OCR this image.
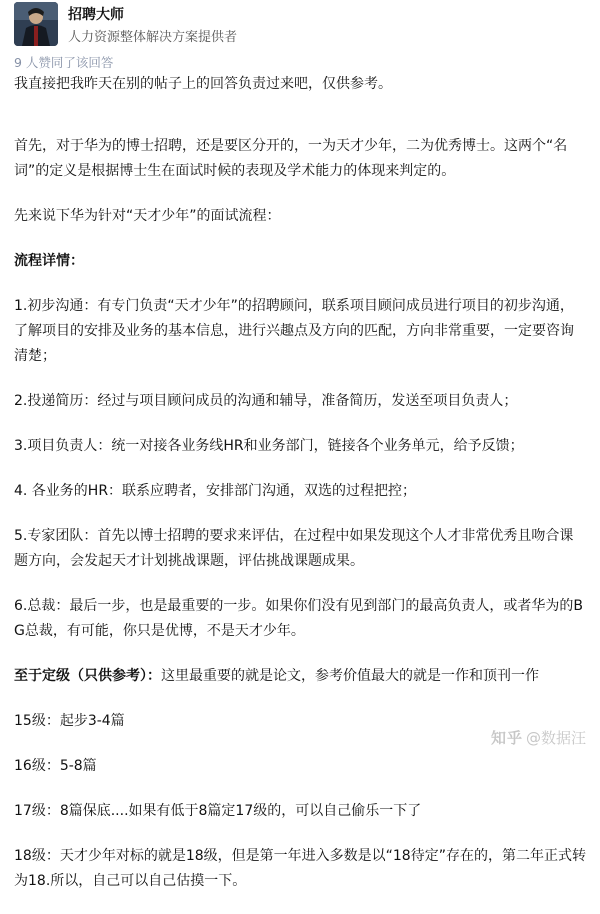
招聘大师
人力资源整体解决方案提供者
9 人赞同了该回答

我直接把我昨天在别的帖子上的回答负责过来吧，仅供参考。

首先，对于华为的博士招聘，还是要区分开的，一为天才少年，二为优秀博士。这两个“名词”的定义是根据博士生在面试时候的表现及学术能力的体现来判定的。

先来说下华为针对“天才少年”的面试流程：

流程详情：

1.初步沟通：有专门负责“天才少年”的招聘顾问，联系项目顾问成员进行项目的初步沟通，了解项目的安排及业务的基本信息，进行兴趣点及方向的匹配，方向非常重要，一定要咨询清楚；

2.投递简历：经过与项目顾问成员的沟通和辅导，准备简历，发送至项目负责人；

3.项目负责人：统一对接各业务线HR和业务部门，链接各个业务单元，给予反馈；

4. 各业务的HR：联系应聘者，安排部门沟通，双选的过程把控；

5.专家团队：首先以博士招聘的要求来评估，在过程中如果发现这个人才非常优秀且吻合课题方向，会发起天才计划挑战课题，评估挑战课题成果。

6.总裁：最后一步，也是最重要的一步。如果你们没有见到部门的最高负责人，或者华为的BG总裁，有可能，你只是优博，不是天才少年。

至于定级（只供参考）：这里最重要的就是论文，参考价值最大的就是一作和顶刊一作

15级：起步3-4篇

16级：5-8篇

17级：8篇保底....如果有低于8篇定17级的，可以自己偷乐一下了

18级：天才少年对标的就是18级，但是第一年进入多数是以“18待定”存在的，第二年正式转为18.所以，自己可以自己估摸一下。

知乎 @数据汪
